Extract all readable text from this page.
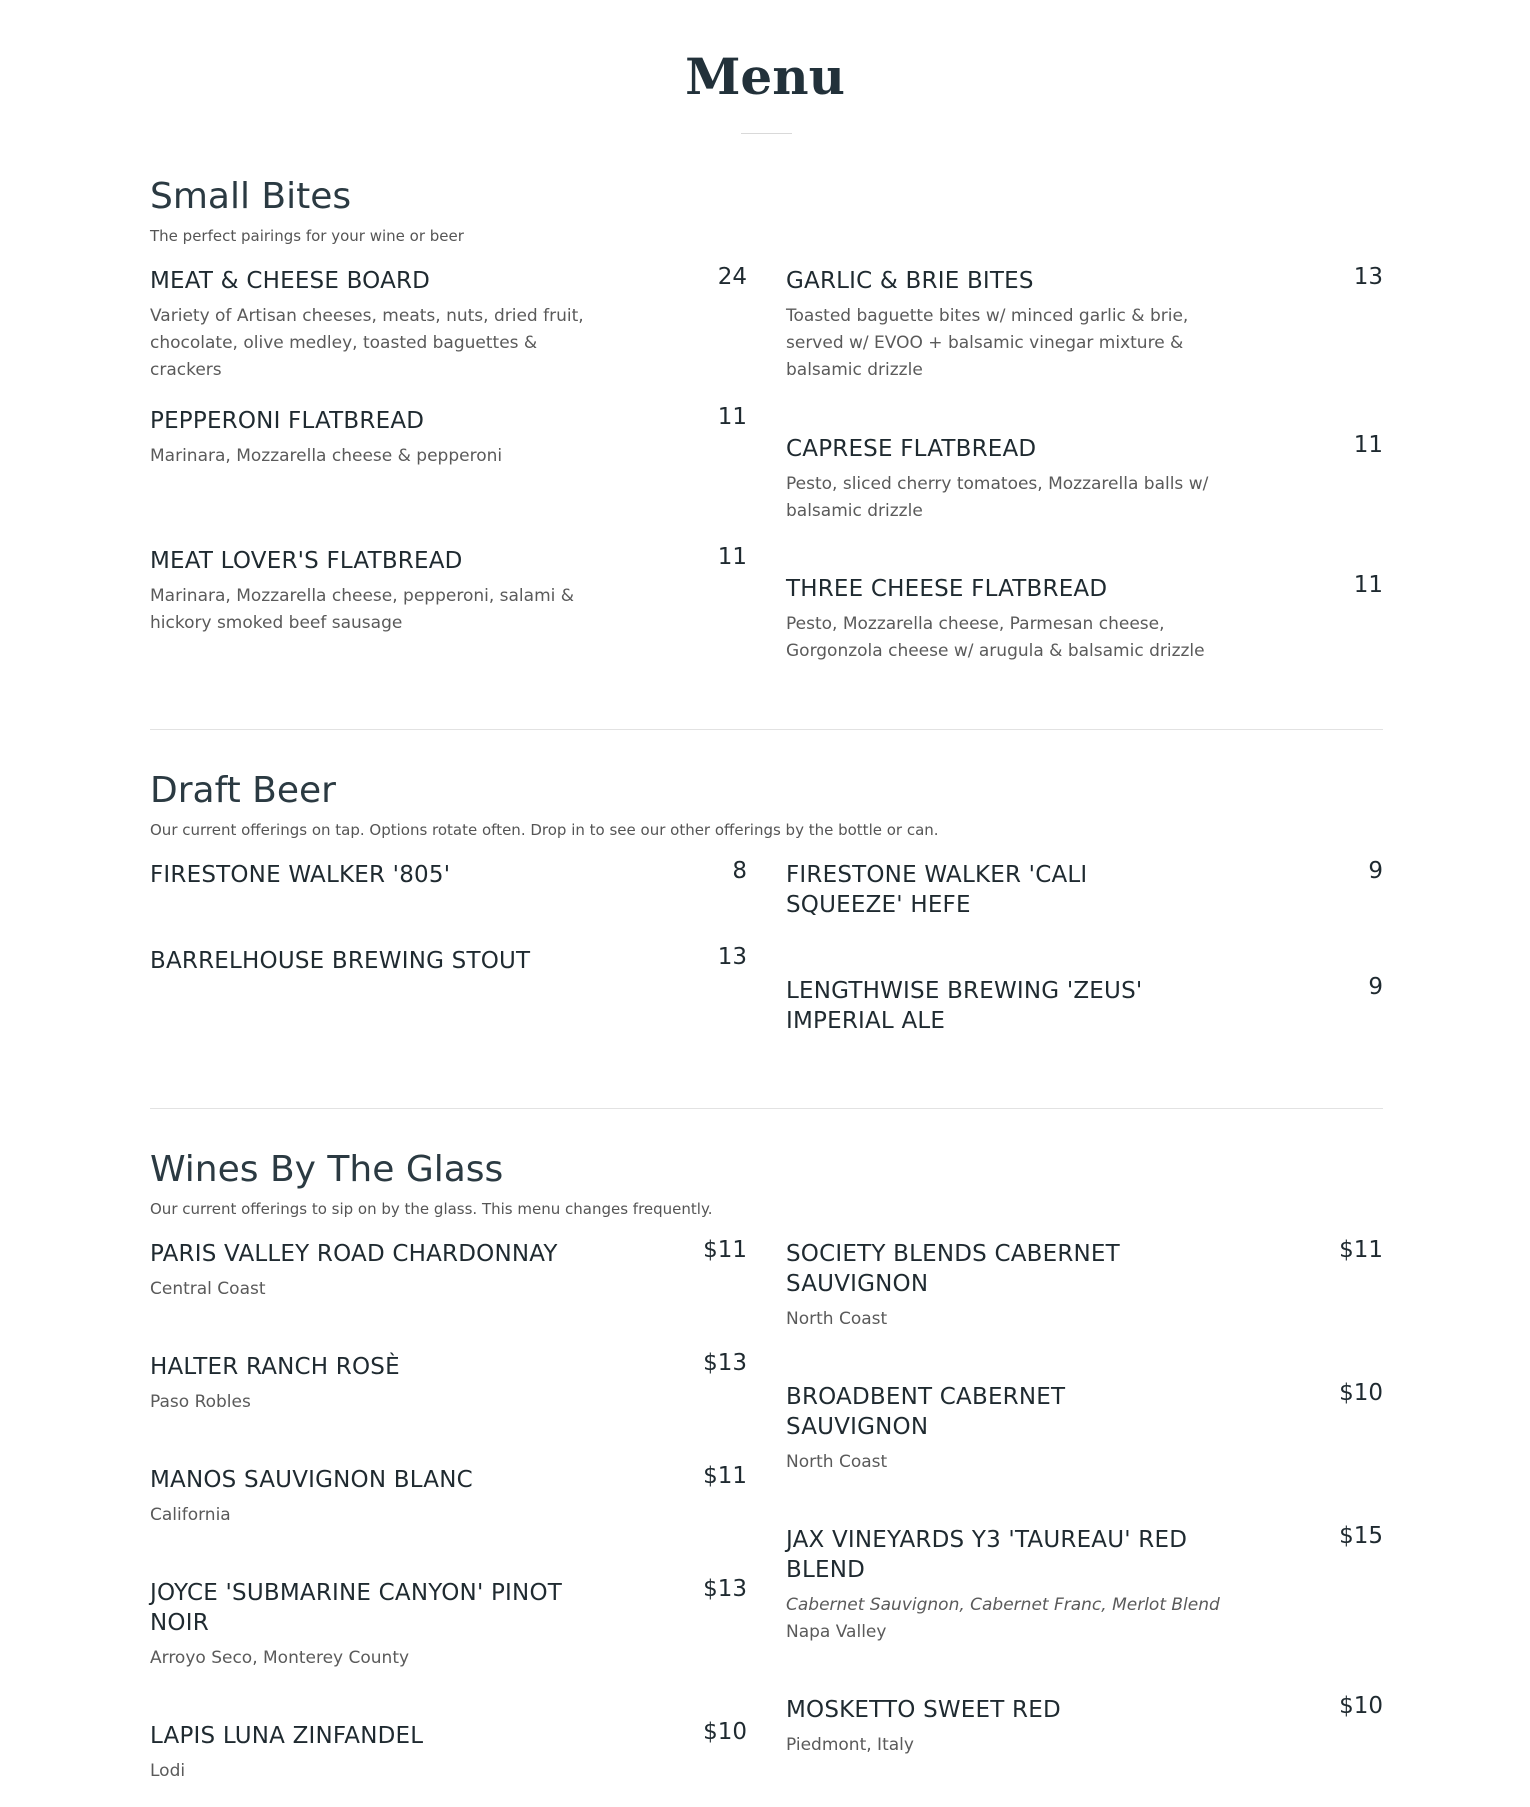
Menu
Small Bites
The perfect pairings for your wine or beer
MEAT & CHEESE BOARD	24
Variety of Artisan cheeses, meats, nuts, dried fruit, chocolate, olive medley, toasted baguettes & crackers
PEPPERONI FLATBREAD	11
Marinara, Mozzarella cheese & pepperoni
MEAT LOVER'S FLATBREAD	11
Marinara, Mozzarella cheese, pepperoni, salami & hickory smoked beef sausage
GARLIC & BRIE BITES	13
Toasted baguette bites w/ minced garlic & brie, served w/ EVOO + balsamic vinegar mixture & balsamic drizzle
CAPRESE FLATBREAD	11
Pesto, sliced cherry tomatoes, Mozzarella balls w/ balsamic drizzle
THREE CHEESE FLATBREAD	11
Pesto, Mozzarella cheese, Parmesan cheese, Gorgonzola cheese w/ arugula & balsamic drizzle
Draft Beer
Our current offerings on tap. Options rotate often. Drop in to see our other offerings by the bottle or can.
FIRESTONE WALKER '805'	8
BARRELHOUSE BREWING STOUT	13
FIRESTONE WALKER 'CALI SQUEEZE' HEFE
9
LENGTHWISE BREWING 'ZEUS' IMPERIAL ALE
9
Wines By The Glass
Our current offerings to sip on by the glass. This menu changes frequently.
PARIS VALLEY ROAD CHARDONNAY	$11
Central Coast
HALTER RANCH ROSÈ	$13
Paso Robles
MANOS SAUVIGNON BLANC	$11
California
JOYCE 'SUBMARINE CANYON' PINOT NOIR
$13
Arroyo Seco, Monterey County
LAPIS LUNA ZINFANDEL	$10
Lodi
SOCIETY BLENDS CABERNET SAUVIGNON
$11
North Coast
BROADBENT CABERNET SAUVIGNON
$10
North Coast
JAX VINEYARDS Y3 'TAUREAU' RED BLEND
$15
Cabernet Sauvignon, Cabernet Franc, Merlot Blend
Napa Valley
MOSKETTO SWEET RED	$10
Piedmont, Italy
